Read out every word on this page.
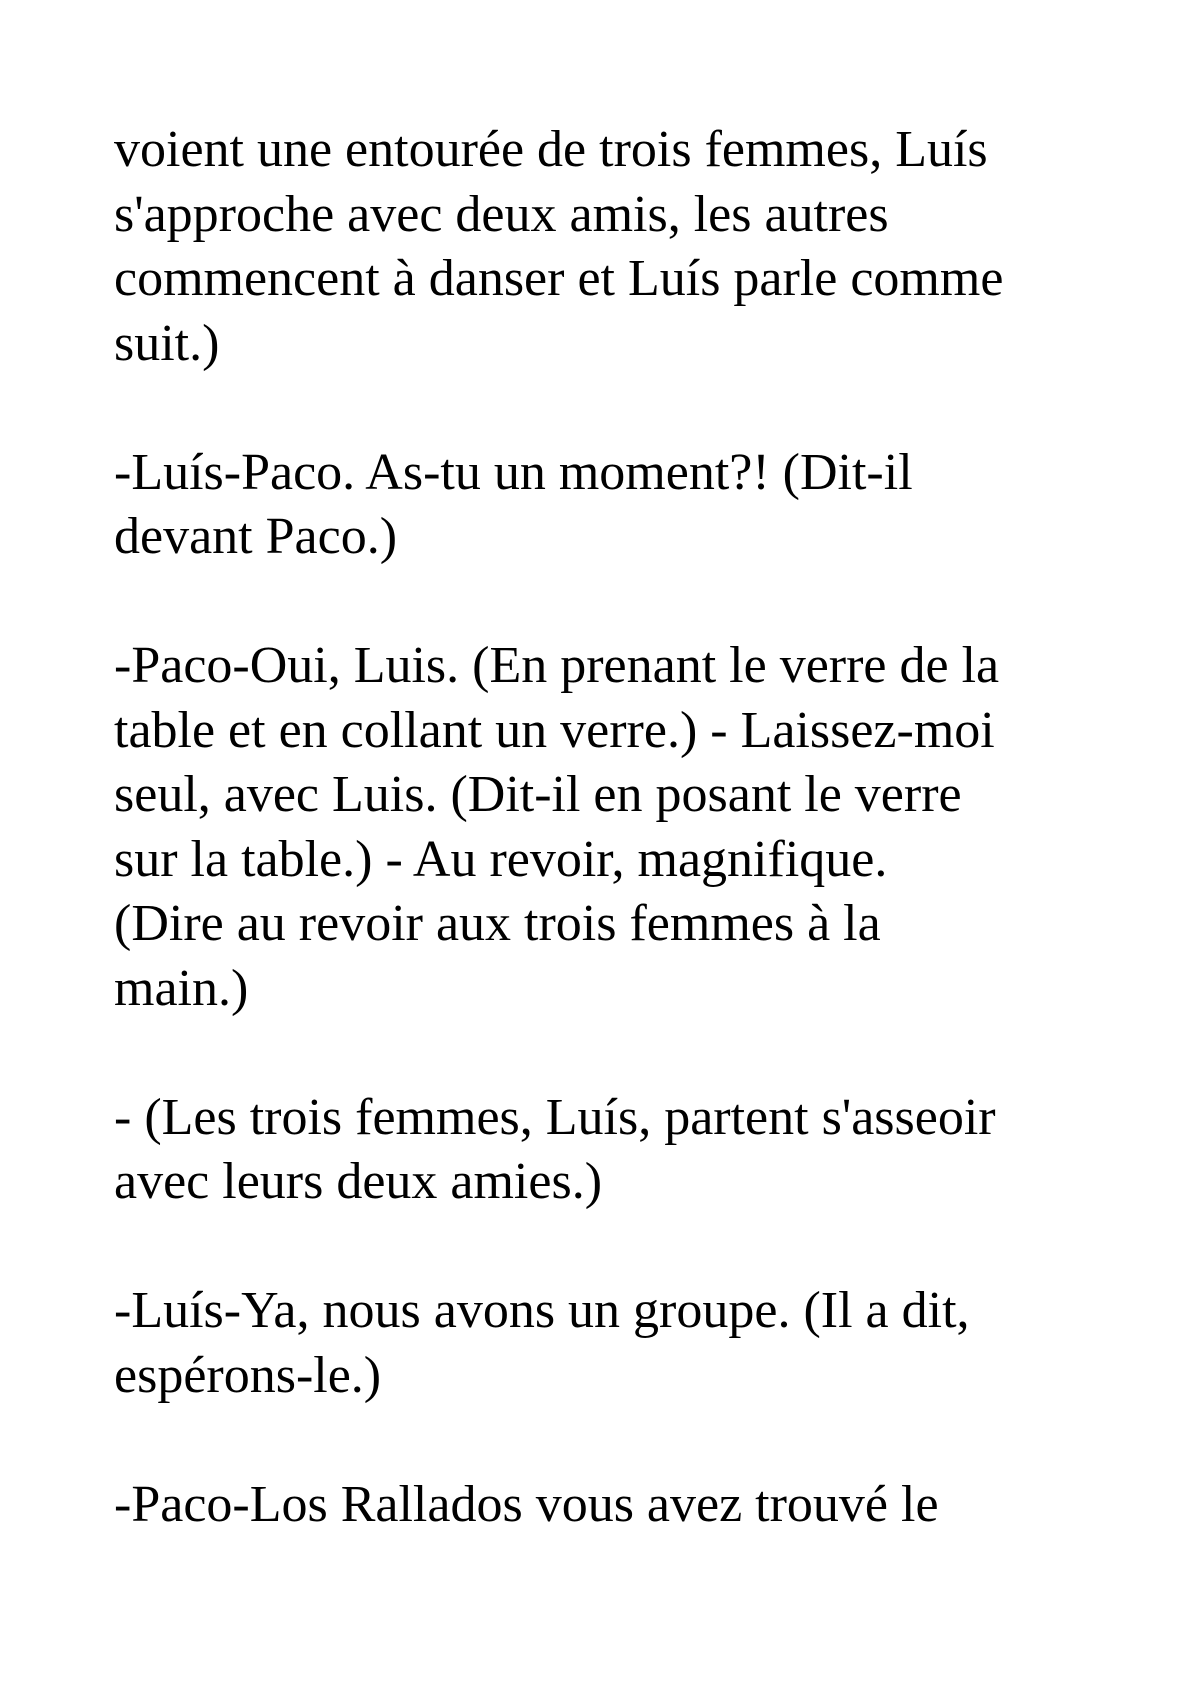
voient une entourée de trois femmes, Luís
s'approche avec deux amis, les autres
commencent à danser et Luís parle comme
suit.)

-Luís-Paco. As-tu un moment?! (Dit-il
devant Paco.)

-Paco-Oui, Luis. (En prenant le verre de la
table et en collant un verre.) - Laissez-moi
seul, avec Luis. (Dit-il en posant le verre
sur la table.) - Au revoir, magnifique.
(Dire au revoir aux trois femmes à la
main.)

- (Les trois femmes, Luís, partent s'asseoir
avec leurs deux amies.)

-Luís-Ya, nous avons un groupe. (Il a dit,
espérons-le.)

-Paco-Los Rallados vous avez trouvé le
